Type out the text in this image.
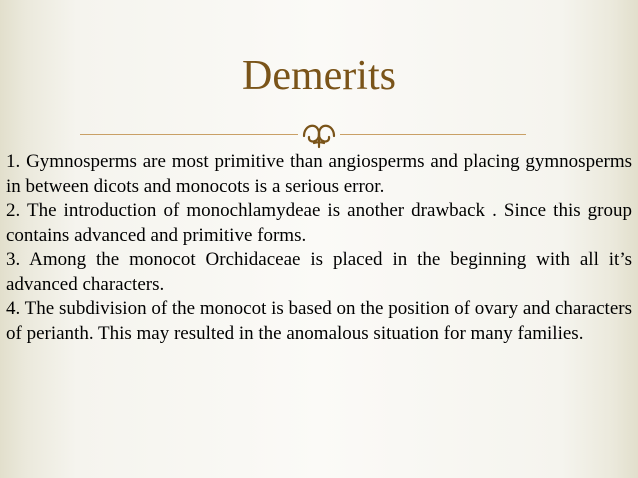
Demerits
1. Gymnosperms are most primitive than angiosperms and placing gymnosperms in between dicots and monocots is a serious error.
2. The introduction of monochlamydeae is another drawback . Since this group contains advanced and primitive forms.
3. Among the monocot Orchidaceae is placed in the beginning with all it’s advanced characters.
4. The subdivision of the monocot is based on the position of ovary and characters of perianth. This may resulted in the anomalous situation for many families.
